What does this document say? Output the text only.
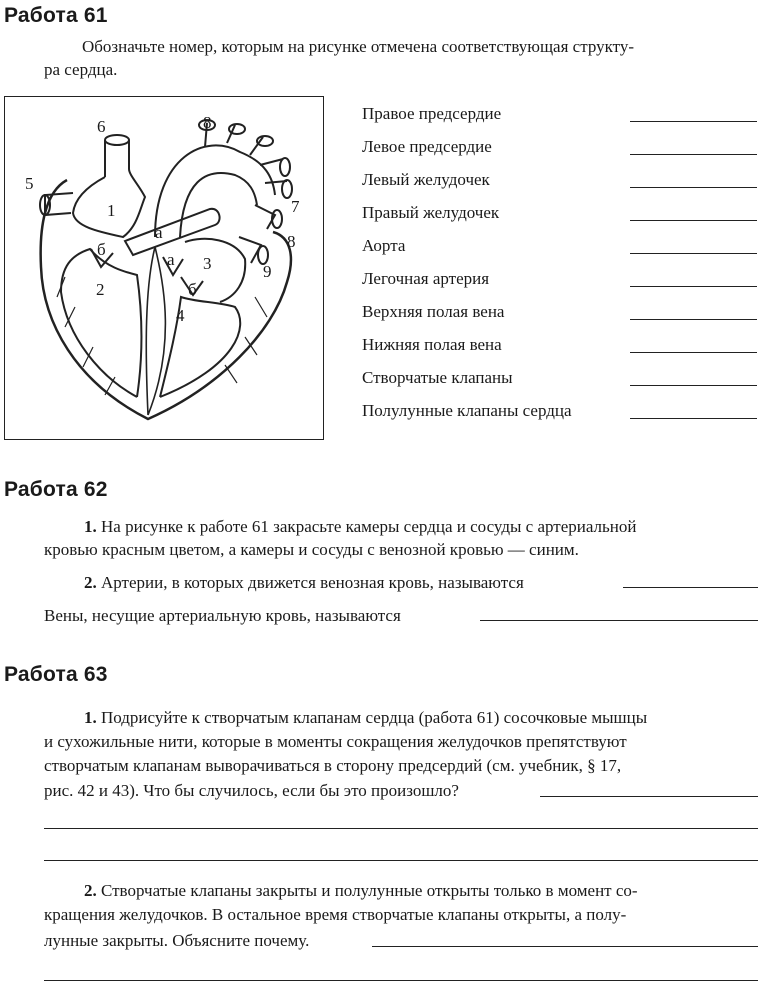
Работа 61
Обозначьте номер, которым на рисунке отмечена соответствующая структу-
ра сердца.
6	8
5
1	7
8
а
б
а 3	9
2	б
4
Правое предсердие
Левое предсердие
Левый желудочек
Правый желудочек
Аорта
Легочная артерия
Верхняя полая вена
Нижняя полая вена
Створчатые клапаны
Полулунные клапаны сердца
Работа 62
1. На рисунке к работе 61 закрасьте камеры сердца и сосуды с артериальной
кровью красным цветом, а камеры и сосуды с венозной кровью — синим.
2. Артерии, в которых движется венозная кровь, называются
Вены, несущие артериальную кровь, называются
Работа 63
1. Подрисуйте к створчатым клапанам сердца (работа 61) сосочковые мышцы
и сухожильные нити, которые в моменты сокращения желудочков препятствуют
створчатым клапанам выворачиваться в сторону предсердий (см. учебник, § 17,
рис. 42 и 43). Что бы случилось, если бы это произошло?
2. Створчатые клапаны закрыты и полулунные открыты только в момент со-
кращения желудочков. В остальное время створчатые клапаны открыты, а полу-
лунные закрыты. Объясните почему.
